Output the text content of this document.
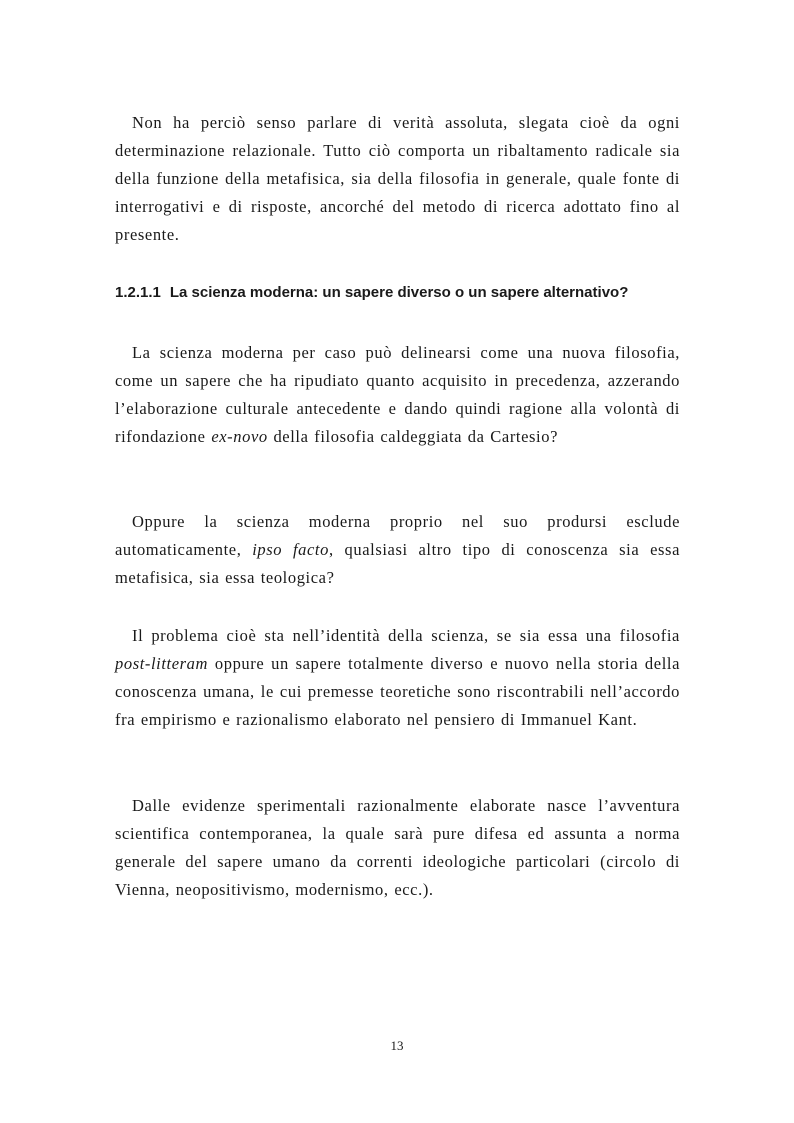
Non ha perciò senso parlare di verità assoluta, slegata cioè da ogni determinazione relazionale. Tutto ciò comporta un ribaltamento radicale sia della funzione della metafisica, sia della filosofia in generale, quale fonte di interrogativi e di risposte, ancorché del metodo di ricerca adottato fino al presente.

1.2.1.1 La scienza moderna: un sapere diverso o un sapere alternativo?

La scienza moderna per caso può delinearsi come una nuova filosofia, come un sapere che ha ripudiato quanto acquisito in precedenza, azzerando l’elaborazione culturale antecedente e dando quindi ragione alla volontà di rifondazione ex-novo della filosofia caldeggiata da Cartesio?

Oppure la scienza moderna proprio nel suo prodursi esclude automaticamente, ipso facto, qualsiasi altro tipo di conoscenza sia essa metafisica, sia essa teologica?

Il problema cioè sta nell’identità della scienza, se sia essa una filosofia post-litteram oppure un sapere totalmente diverso e nuovo nella storia della conoscenza umana, le cui premesse teoretiche sono riscontrabili nell’accordo fra empirismo e razionalismo elaborato nel pensiero di Immanuel Kant.

Dalle evidenze sperimentali razionalmente elaborate nasce l’avventura scientifica contemporanea, la quale sarà pure difesa ed assunta a norma generale del sapere umano da correnti ideologiche particolari (circolo di Vienna, neopositivismo, modernismo, ecc.).

13
